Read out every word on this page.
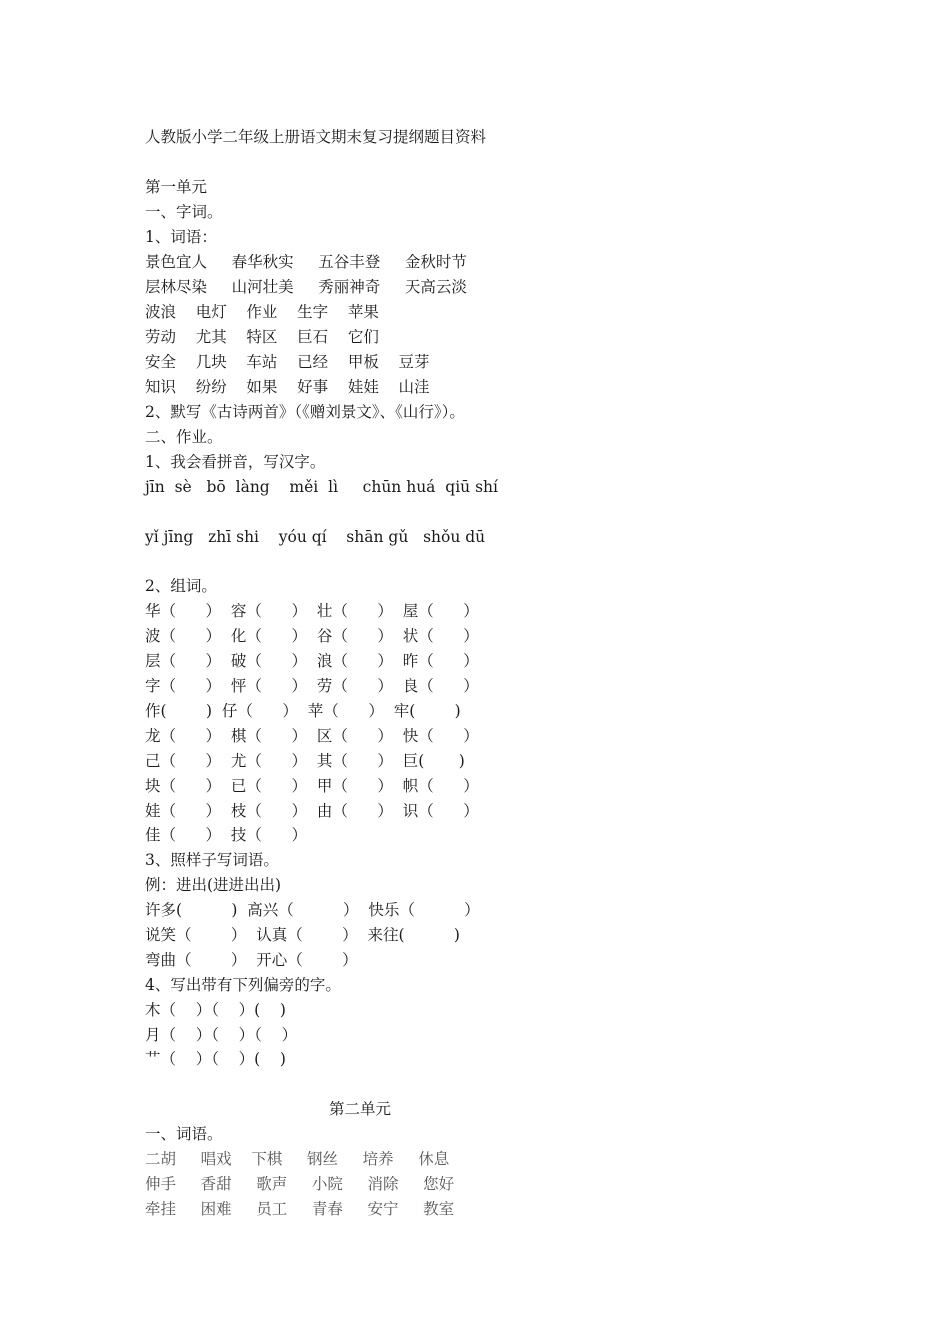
人教版小学二年级上册语文期末复习提纲题目资料
第一单元
一、字词。
1、词语：
景色宜人     春华秋实     五谷丰登     金秋时节
层林尽染     山河壮美     秀丽神奇     天高云淡
波浪    电灯    作业    生字    苹果
劳动    尤其    特区    巨石    它们
安全    几块    车站    已经    甲板    豆芽
知识    纷纷    如果    好事    娃娃    山洼
2、默写《古诗两首》（《赠刘景文》、《山行》）。
二、作业。
1、我会看拼音，写汉字。
jīn  sè   bō  làng    měi  lì     chūn huá  qiū shí
yǐ jīng   zhī shi    yóu qí    shān gǔ   shǒu dū
2、组词。
华（      ）  容（      ）  壮（      ）  屋（      ）
波（      ）  化（      ）  谷（      ）  状（      ）
层（      ）  破（      ）  浪（      ）  昨（      ）
字（      ）  怦（      ）  劳（      ）  良（      ）
作(        )  仔（      ）  苹（      ）  牢(        )
龙（      ）  棋（      ）  区（      ）  快（      ）
己（      ）  尤（      ）  其（      ）  巨(       )
块（      ）  已（      ）  甲（      ）  帜（      ）
娃（      ）  枝（      ）  由（      ）  识（      ）
佳（      ）  技（      ）
3、照样子写词语。
例：进出(进进出出)
许多(          )  高兴（          ）  快乐（          ）
说笑（        ）  认真（        ）  来往(          )
弯曲（        ）  开心（        ）
4、写出带有下列偏旁的字。
木（    ）（    ）(    )
月（    ）（    ）（    ）
艹（    ）（    ）(    )
第二单元
一、词语。
二胡     唱戏    下棋     钢丝     培养     休息
伸手     香甜     歌声     小院     消除     您好
牵挂     困难     员工     青春     安宁     教室
